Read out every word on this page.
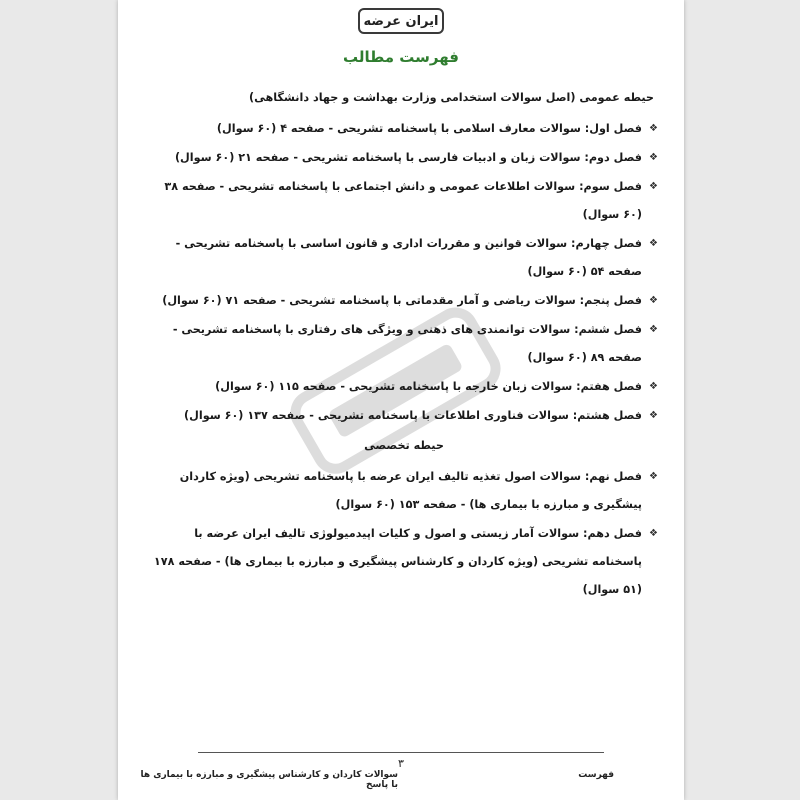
ایران عرضه
فهرست مطالب
حیطه عمومی (اصل سوالات استخدامی وزارت بهداشت و جهاد دانشگاهی)
❖
فصل اول: سوالات معارف اسلامی با پاسخنامه تشریحی - صفحه ۴ (۶۰ سوال)
❖
فصل دوم: سوالات زبان و ادبیات فارسی با پاسخنامه تشریحی - صفحه ۲۱ (۶۰ سوال)
❖
فصل سوم: سوالات اطلاعات عمومی و دانش اجتماعی با پاسخنامه تشریحی - صفحه ۳۸ (۶۰ سوال)
❖
فصل چهارم: سوالات قوانین و مقررات اداری و قانون اساسی با پاسخنامه تشریحی - صفحه ۵۴ (۶۰ سوال)
❖
فصل پنجم: سوالات ریاضی و آمار مقدماتی با پاسخنامه تشریحی - صفحه ۷۱ (۶۰ سوال)
❖
فصل ششم: سوالات توانمندی های ذهنی و ویژگی های رفتاری با پاسخنامه تشریحی - صفحه ۸۹ (۶۰ سوال)
❖
فصل هفتم: سوالات زبان خارجه با پاسخنامه تشریحی - صفحه ۱۱۵ (۶۰ سوال)
❖
فصل هشتم: سوالات فناوری اطلاعات با پاسخنامه تشریحی - صفحه ۱۳۷ (۶۰ سوال)
حیطه تخصصی
❖
فصل نهم: سوالات اصول تغذیه تالیف ایران عرضه با پاسخنامه تشریحی (ویژه کاردان پیشگیری و مبارزه با بیماری ها) - صفحه ۱۵۳ (۶۰ سوال)
❖
فصل دهم: سوالات آمار زیستی و اصول و کلیات اپیدمیولوژی تالیف ایران عرضه با پاسخنامه تشریحی (ویژه کاردان و کارشناس پیشگیری و مبارزه با بیماری ها) - صفحه ۱۷۸ (۵۱ سوال)
۳
سوالات کاردان و کارشناس پیشگیری و مبارزه با بیماری ها با پاسخ
فهرست
